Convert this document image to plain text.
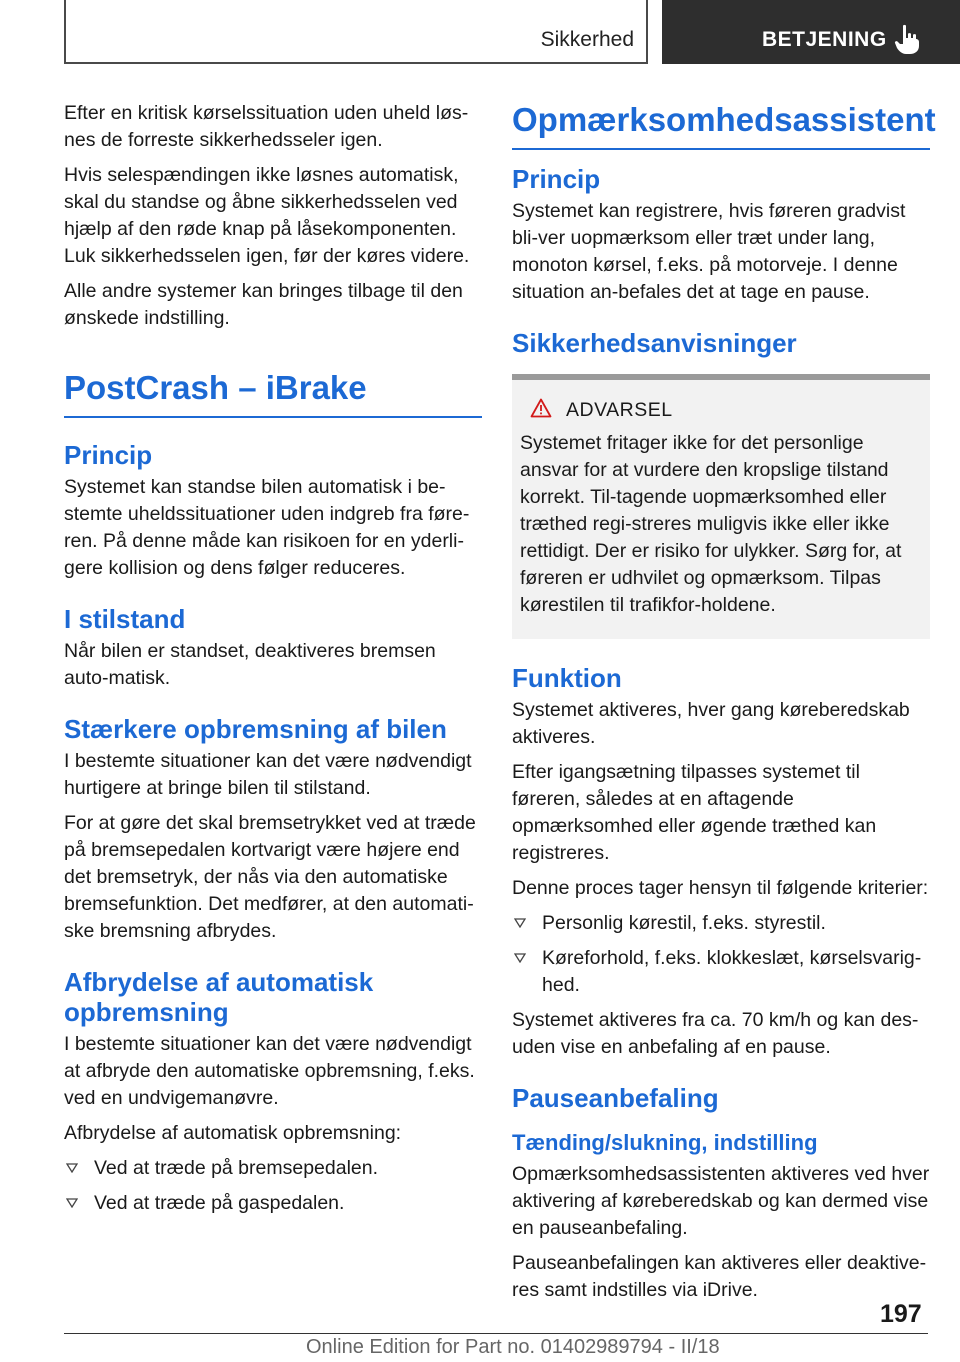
Sikkerhed	BETJENING

Efter en kritisk kørselssituation uden uheld løs-nes de forreste sikkerhedsseler igen.

Hvis selespændingen ikke løsnes automatisk, skal du standse og åbne sikkerhedsselen ved hjælp af den røde knap på låsekomponenten. Luk sikkerhedsselen igen, før der køres videre.

Alle andre systemer kan bringes tilbage til den ønskede indstilling.

PostCrash – iBrake
Princip

Systemet kan standse bilen automatisk i be-stemte uheldssituationer uden indgreb fra føre-ren. På denne måde kan risikoen for en yderli-gere kollision og dens følger reduceres.

I stilstand

Når bilen er standset, deaktiveres bremsen auto-matisk.

Stærkere opbremsning af bilen

I bestemte situationer kan det være nødvendigt hurtigere at bringe bilen til stilstand.

For at gøre det skal bremsetrykket ved at træde på bremsepedalen kortvarigt være højere end det bremsetryk, der nås via den automatiske bremsefunktion. Det medfører, at den automati-ske bremsning afbrydes.

Afbrydelse af automatisk opbremsning

I bestemte situationer kan det være nødvendigt at afbryde den automatiske opbremsning, f.eks. ved en undvigemanøvre.

Afbrydelse af automatisk opbremsning:

Ved at træde på bremsepedalen.
Ved at træde på gaspedalen.
Opmærksomhedsassistent
Princip

Systemet kan registrere, hvis føreren gradvist bli-ver uopmærksom eller træt under lang, monoton kørsel, f.eks. på motorveje. I denne situation an-befales det at tage en pause.

Sikkerhedsanvisninger
ADVARSEL

Systemet fritager ikke for det personlige ansvar for at vurdere den kropslige tilstand korrekt. Til-tagende uopmærksomhed eller træthed regi-streres muligvis ikke eller ikke rettidigt. Der er risiko for ulykker. Sørg for, at føreren er udhvilet og opmærksom. Tilpas kørestilen til trafikfor-holdene.

Funktion

Systemet aktiveres, hver gang køreberedskab aktiveres.

Efter igangsætning tilpasses systemet til føreren, således at en aftagende opmærksomhed eller øgende træthed kan registreres.

Denne proces tager hensyn til følgende kriterier:

Personlig kørestil, f.eks. styrestil.
Køreforhold, f.eks. klokkeslæt, kørselsvarig-hed.

Systemet aktiveres fra ca. 70 km/h og kan des-uden vise en anbefaling af en pause.

Pauseanbefaling
Tænding/slukning, indstilling

Opmærksomhedsassistenten aktiveres ved hver aktivering af køreberedskab og kan dermed vise en pauseanbefaling.

Pauseanbefalingen kan aktiveres eller deaktive-res samt indstilles via iDrive.

197
Online Edition for Part no. 01402989794 - II/18
